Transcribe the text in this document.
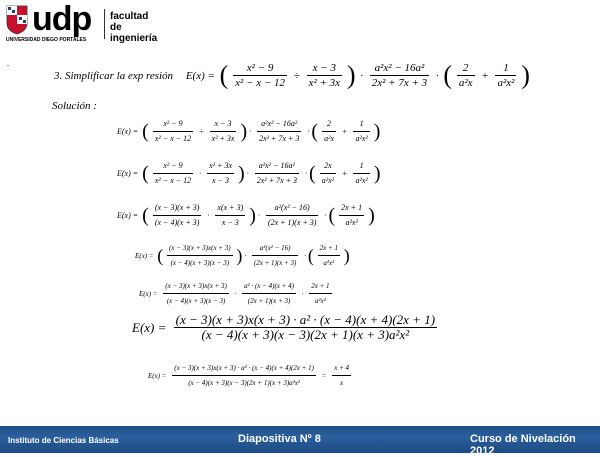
udp
UNIVERSIDAD DIEGO PORTALES
facultad de
ingeniería
.
3. Simplificar la exp resión E(x) = ( $\frac{\text{x² − 9}}{\text{x² − x − 12}} \div \frac{x - 3}{\text{x² + 3x}}$ ) · $\frac{\text{a²x² − 16a²}}{\text{2x² + 7x + 3}}$ · ( $\frac{2}{\text{a²x}} + \frac{1}{\text{a²x²}}$ )
Solución :
E(x) = ( $\frac{\text{x² − 9}}{\text{x² − x − 12}} \div \frac{x - 3}{\text{x² + 3x}}$ ) · $\frac{\text{a²x² − 16a²}}{\text{2x² + 7x + 3}}$ · ( $\frac{2}{\text{a²x}} + \frac{1}{\text{a²x²}}$ )
E(x) = ( $\frac{\text{x² − 9}}{\text{x² − x − 12}} \cdot \frac{\text{x² + 3x}}{x - 3}$ ) · $\frac{\text{a²x² − 16a²}}{\text{2x² + 7x + 3}}$ · ( $\frac{2x}{\text{a²x²}} + \frac{1}{\text{a²x²}}$ )
E(x) = ( $\frac{(x - 3)(x + 3)}{(x - 4)(x + 3)} \cdot \frac{x(x + 3)}{x - 3}$ ) · $\frac{\text{a²(x² − 16)}}{(2x + 1)(x + 3)}$ · ( $\frac{2x + 1}{\text{a²x²}}$ )
E(x) = ( $\frac{(x - 3)(x + 3)x(x + 3)}{(x - 4)(x + 3)(x - 3)}$ ) · $\frac{\text{a²(x² − 16)}}{(2x + 1)(x + 3)}$ · ( $\frac{2x + 1}{\text{a²x²}}$ )
$E(x) = \frac{(x - 3)(x + 3)x(x + 3)}{(x - 4)(x + 3)(x - 3)} \cdot \frac{\text{a² · (x − 4)(x + 4)}}{(2x + 1)(x + 3)} \cdot \frac{2x + 1}{\text{a²x²}}$
$E(x) = \frac{\text{(x − 3)(x + 3)x(x + 3) · a² · (x − 4)(x + 4)(2x + 1)}}{\text{(x − 4)(x + 3)(x − 3)(2x + 1)(x + 3)a²x²}}$
$E(x) = \frac{\text{(x − 3)(x + 3)x(x + 3) · a² · (x − 4)(x + 4)(2x + 1)}}{\text{(x − 4)(x + 3)(x − 3)(2x + 1)(x + 3)a²x²}} = \frac{x + 4}{x}$
Instituto de Ciencias Básicas	Diapositiva Nº 8	Curso de Nivelación 2012
